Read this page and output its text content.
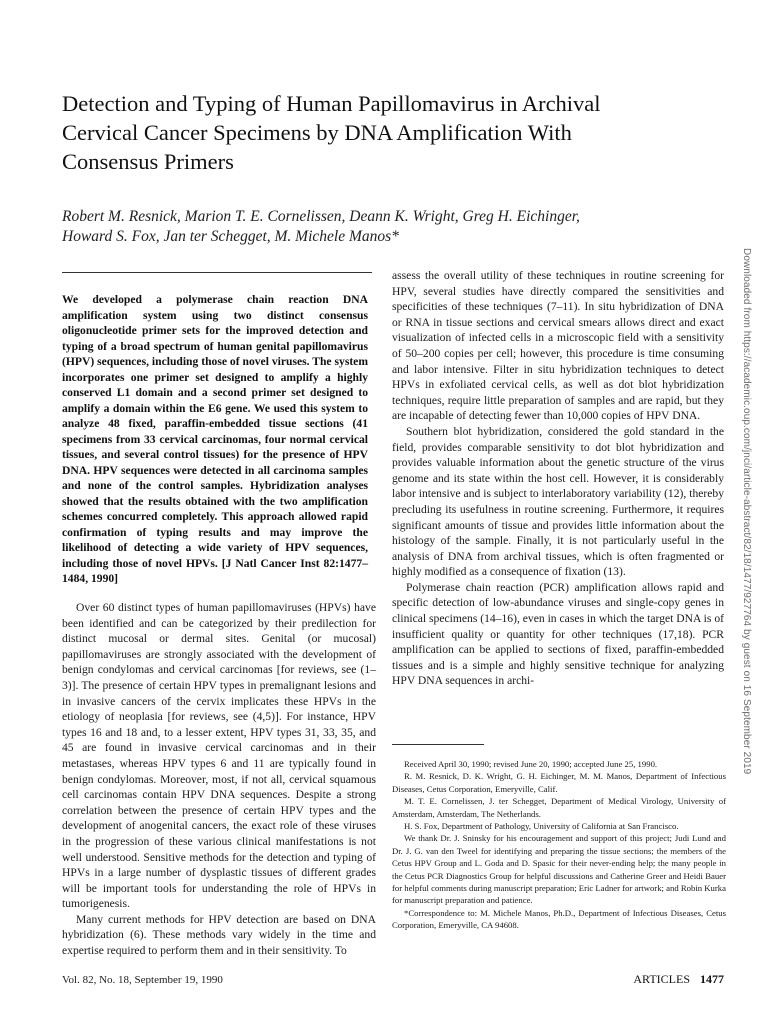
Detection and Typing of Human Papillomavirus in Archival Cervical Cancer Specimens by DNA Amplification With Consensus Primers
Robert M. Resnick, Marion T. E. Cornelissen, Deann K. Wright, Greg H. Eichinger, Howard S. Fox, Jan ter Schegget, M. Michele Manos*
We developed a polymerase chain reaction DNA amplification system using two distinct consensus oligonucleotide primer sets for the improved detection and typing of a broad spectrum of human genital papillomavirus (HPV) sequences, including those of novel viruses. The system incorporates one primer set designed to amplify a highly conserved L1 domain and a second primer set designed to amplify a domain within the E6 gene. We used this system to analyze 48 fixed, paraffin-embedded tissue sections (41 specimens from 33 cervical carcinomas, four normal cervical tissues, and several control tissues) for the presence of HPV DNA. HPV sequences were detected in all carcinoma samples and none of the control samples. Hybridization analyses showed that the results obtained with the two amplification schemes concurred completely. This approach allowed rapid confirmation of typing results and may improve the likelihood of detecting a wide variety of HPV sequences, including those of novel HPVs. [J Natl Cancer Inst 82:1477–1484, 1990]

Over 60 distinct types of human papillomaviruses (HPVs) have been identified and can be categorized by their predilection for distinct mucosal or dermal sites. Genital (or mucosal) papillomaviruses are strongly associated with the development of benign condylomas and cervical carcinomas [for reviews, see (1–3)]. The presence of certain HPV types in premalignant lesions and in invasive cancers of the cervix implicates these HPVs in the etiology of neoplasia [for reviews, see (4,5)]. For instance, HPV types 16 and 18 and, to a lesser extent, HPV types 31, 33, 35, and 45 are found in invasive cervical carcinomas and in their metastases, whereas HPV types 6 and 11 are typically found in benign condylomas. Moreover, most, if not all, cervical squamous cell carcinomas contain HPV DNA sequences. Despite a strong correlation between the presence of certain HPV types and the development of anogenital cancers, the exact role of these viruses in the progression of these various clinical manifestations is not well understood. Sensitive methods for the detection and typing of HPVs in a large number of dysplastic tissues of different grades will be important tools for understanding the role of HPVs in tumorigenesis.

Many current methods for HPV detection are based on DNA hybridization (6). These methods vary widely in the time and expertise required to perform them and in their sensitivity. To

assess the overall utility of these techniques in routine screening for HPV, several studies have directly compared the sensitivities and specificities of these techniques (7–11). In situ hybridization of DNA or RNA in tissue sections and cervical smears allows direct and exact visualization of infected cells in a microscopic field with a sensitivity of 50–200 copies per cell; however, this procedure is time consuming and labor intensive. Filter in situ hybridization techniques to detect HPVs in exfoliated cervical cells, as well as dot blot hybridization techniques, require little preparation of samples and are rapid, but they are incapable of detecting fewer than 10,000 copies of HPV DNA.

Southern blot hybridization, considered the gold standard in the field, provides comparable sensitivity to dot blot hybridization and provides valuable information about the genetic structure of the virus genome and its state within the host cell. However, it is considerably labor intensive and is subject to interlaboratory variability (12), thereby precluding its usefulness in routine screening. Furthermore, it requires significant amounts of tissue and provides little information about the histology of the sample. Finally, it is not particularly useful in the analysis of DNA from archival tissues, which is often fragmented or highly modified as a consequence of fixation (13).

Polymerase chain reaction (PCR) amplification allows rapid and specific detection of low-abundance viruses and single-copy genes in clinical specimens (14–16), even in cases in which the target DNA is of insufficient quality or quantity for other techniques (17,18). PCR amplification can be applied to sections of fixed, paraffin-embedded tissues and is a simple and highly sensitive technique for analyzing HPV DNA sequences in archi-

Received April 30, 1990; revised June 20, 1990; accepted June 25, 1990.

R. M. Resnick, D. K. Wright, G. H. Eichinger, M. M. Manos, Department of Infectious Diseases, Cetus Corporation, Emeryville, Calif.

M. T. E. Cornelissen, J. ter Schegget, Department of Medical Virology, University of Amsterdam, Amsterdam, The Netherlands.

H. S. Fox, Department of Pathology, University of California at San Francisco.

We thank Dr. J. Sninsky for his encouragement and support of this project; Judi Lund and Dr. J. G. van den Tweel for identifying and preparing the tissue sections; the members of the Cetus HPV Group and L. Goda and D. Spasic for their never-ending help; the many people in the Cetus PCR Diagnostics Group for helpful discussions and Catherine Greer and Heidi Bauer for helpful comments during manuscript preparation; Eric Ladner for artwork; and Robin Kurka for manuscript preparation and patience.

*Correspondence to: M. Michele Manos, Ph.D., Department of Infectious Diseases, Cetus Corporation, Emeryville, CA 94608.

Vol. 82, No. 18, September 19, 1990	ARTICLES 1477
Downloaded from https://academic.oup.com/jnci/article-abstract/82/18/1477/927764 by guest on 16 September 2019
